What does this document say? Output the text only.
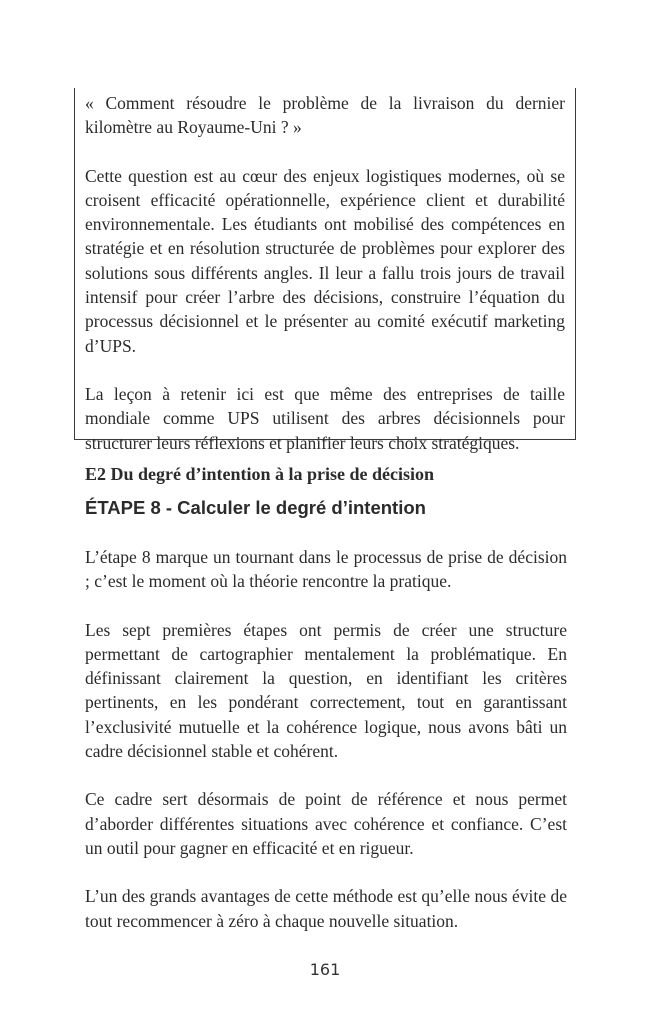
« Comment résoudre le problème de la livraison du dernier kilomètre au Royaume-Uni ? »

Cette question est au cœur des enjeux logistiques modernes, où se croisent efficacité opérationnelle, expérience client et durabilité environnementale. Les étudiants ont mobilisé des compétences en stratégie et en résolution structurée de problèmes pour explorer des solutions sous différents angles. Il leur a fallu trois jours de travail intensif pour créer l’arbre des décisions, construire l’équation du processus décisionnel et le présenter au comité exécutif marketing d’UPS.

La leçon à retenir ici est que même des entreprises de taille mondiale comme UPS utilisent des arbres décisionnels pour structurer leurs réflexions et planifier leurs choix stratégiques.

E2 Du degré d’intention à la prise de décision
ÉTAPE 8 - Calculer le degré d’intention

L’étape 8 marque un tournant dans le processus de prise de décision ; c’est le moment où la théorie rencontre la pratique.

Les sept premières étapes ont permis de créer une structure permettant de cartographier mentalement la problématique. En définissant clairement la question, en identifiant les critères pertinents, en les pondérant correctement, tout en garantissant l’exclusivité mutuelle et la cohérence logique, nous avons bâti un cadre décisionnel stable et cohérent.

Ce cadre sert désormais de point de référence et nous permet d’aborder différentes situations avec cohérence et confiance. C’est un outil pour gagner en efficacité et en rigueur.

L’un des grands avantages de cette méthode est qu’elle nous évite de tout recommencer à zéro à chaque nouvelle situation.

161
